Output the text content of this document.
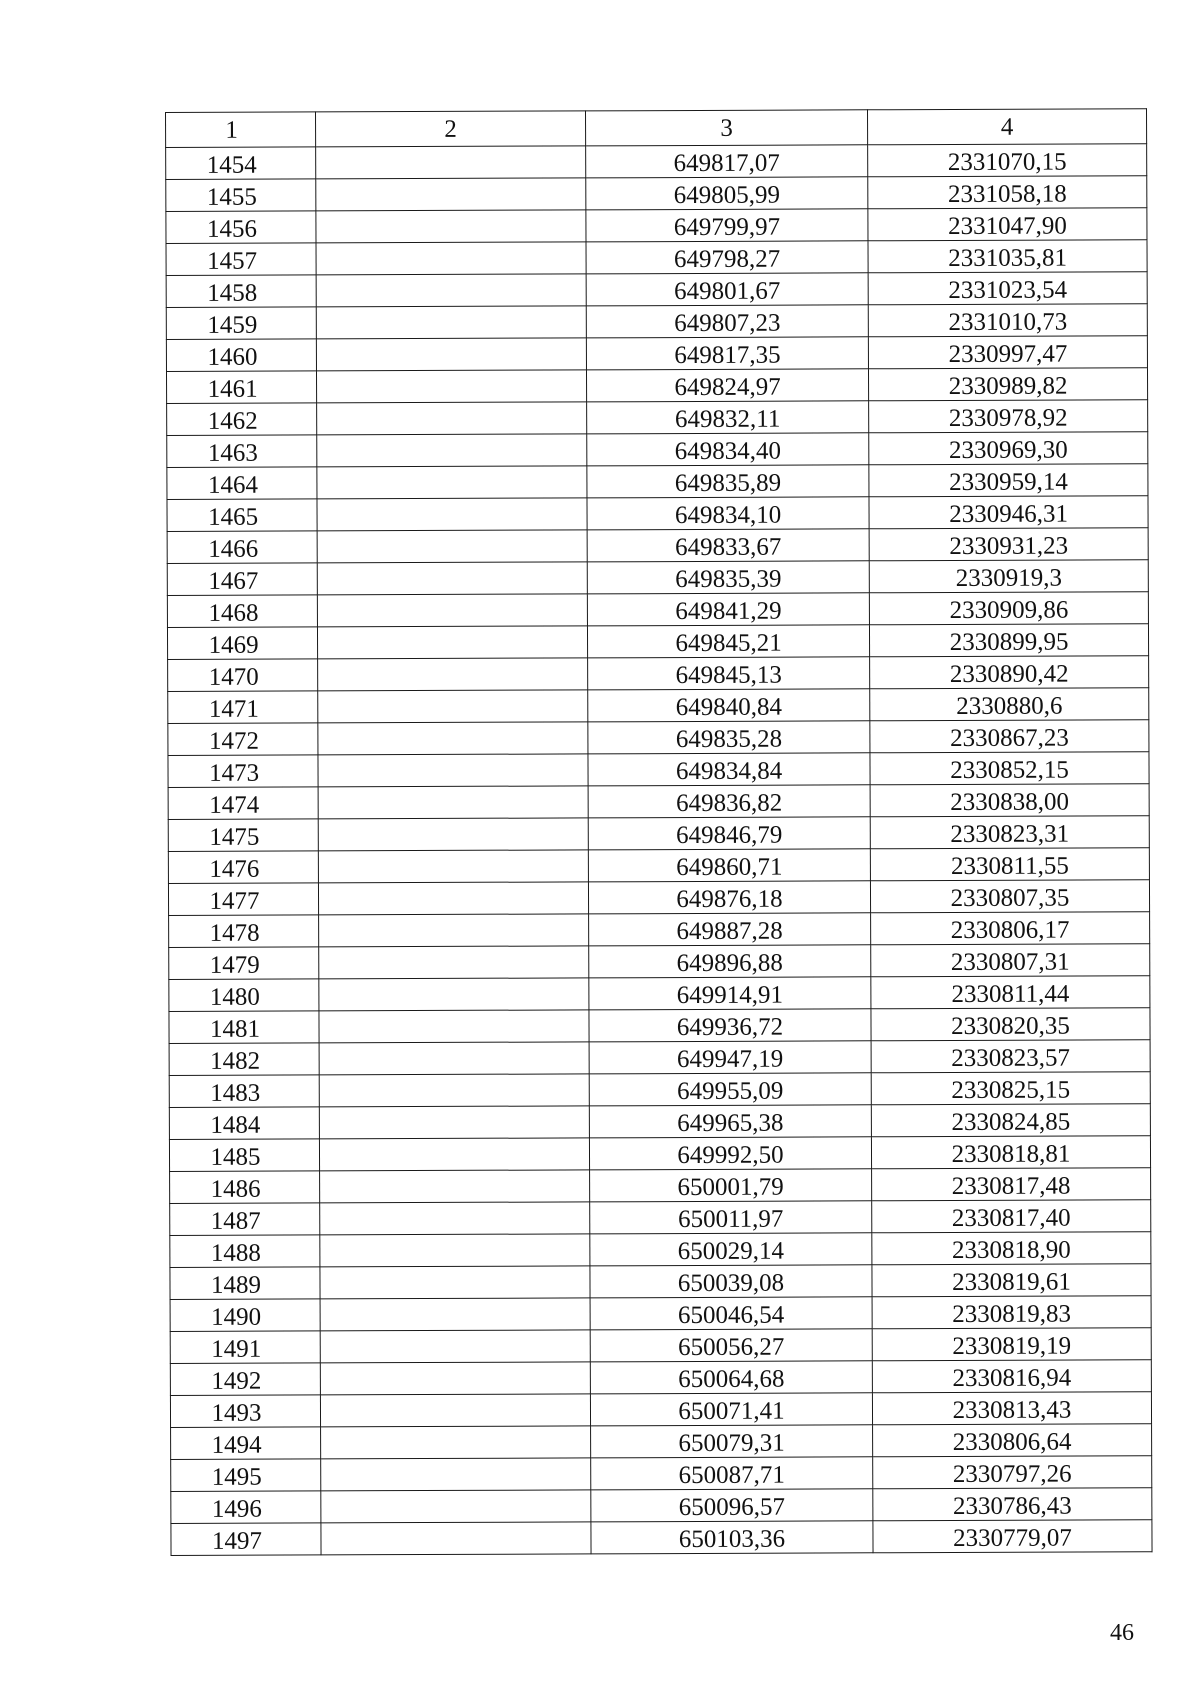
1	2	3	4
1454		649817,07	2331070,15
1455		649805,99	2331058,18
1456		649799,97	2331047,90
1457		649798,27	2331035,81
1458		649801,67	2331023,54
1459		649807,23	2331010,73
1460		649817,35	2330997,47
1461		649824,97	2330989,82
1462		649832,11	2330978,92
1463		649834,40	2330969,30
1464		649835,89	2330959,14
1465		649834,10	2330946,31
1466		649833,67	2330931,23
1467		649835,39	2330919,3
1468		649841,29	2330909,86
1469		649845,21	2330899,95
1470		649845,13	2330890,42
1471		649840,84	2330880,6
1472		649835,28	2330867,23
1473		649834,84	2330852,15
1474		649836,82	2330838,00
1475		649846,79	2330823,31
1476		649860,71	2330811,55
1477		649876,18	2330807,35
1478		649887,28	2330806,17
1479		649896,88	2330807,31
1480		649914,91	2330811,44
1481		649936,72	2330820,35
1482		649947,19	2330823,57
1483		649955,09	2330825,15
1484		649965,38	2330824,85
1485		649992,50	2330818,81
1486		650001,79	2330817,48
1487		650011,97	2330817,40
1488		650029,14	2330818,90
1489		650039,08	2330819,61
1490		650046,54	2330819,83
1491		650056,27	2330819,19
1492		650064,68	2330816,94
1493		650071,41	2330813,43
1494		650079,31	2330806,64
1495		650087,71	2330797,26
1496		650096,57	2330786,43
1497		650103,36	2330779,07
46
